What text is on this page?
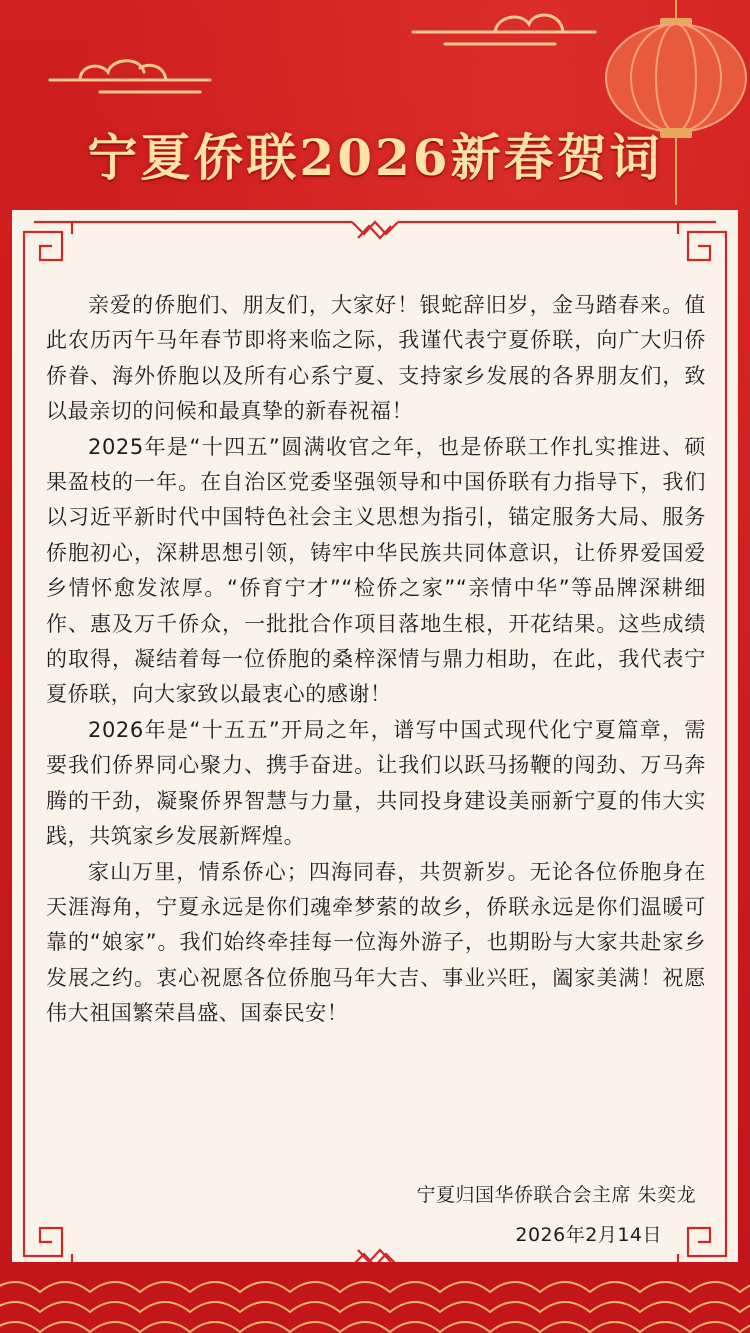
宁夏侨联2026新春贺词

亲爱的侨胞们、朋友们，大家好！银蛇辞旧岁，金马踏春来。值此农历丙午马年春节即将来临之际，我谨代表宁夏侨联，向广大归侨侨眷、海外侨胞以及所有心系宁夏、支持家乡发展的各界朋友们，致以最亲切的问候和最真挚的新春祝福！

2025年是“十四五”圆满收官之年，也是侨联工作扎实推进、硕果盈枝的一年。在自治区党委坚强领导和中国侨联有力指导下，我们以习近平新时代中国特色社会主义思想为指引，锚定服务大局、服务侨胞初心，深耕思想引领，铸牢中华民族共同体意识，让侨界爱国爱乡情怀愈发浓厚。“侨育宁才”“检侨之家”“亲情中华”等品牌深耕细作、惠及万千侨众，一批批合作项目落地生根，开花结果。这些成绩的取得，凝结着每一位侨胞的桑梓深情与鼎力相助，在此，我代表宁夏侨联，向大家致以最衷心的感谢！

2026年是“十五五”开局之年，谱写中国式现代化宁夏篇章，需要我们侨界同心聚力、携手奋进。让我们以跃马扬鞭的闯劲、万马奔腾的干劲，凝聚侨界智慧与力量，共同投身建设美丽新宁夏的伟大实践，共筑家乡发展新辉煌。

家山万里，情系侨心；四海同春，共贺新岁。无论各位侨胞身在天涯海角，宁夏永远是你们魂牵梦萦的故乡，侨联永远是你们温暖可靠的“娘家”。我们始终牵挂每一位海外游子，也期盼与大家共赴家乡发展之约。衷心祝愿各位侨胞马年大吉、事业兴旺，阖家美满！祝愿伟大祖国繁荣昌盛、国泰民安！

宁夏归国华侨联合会主席 朱奕龙
2026年2月14日
